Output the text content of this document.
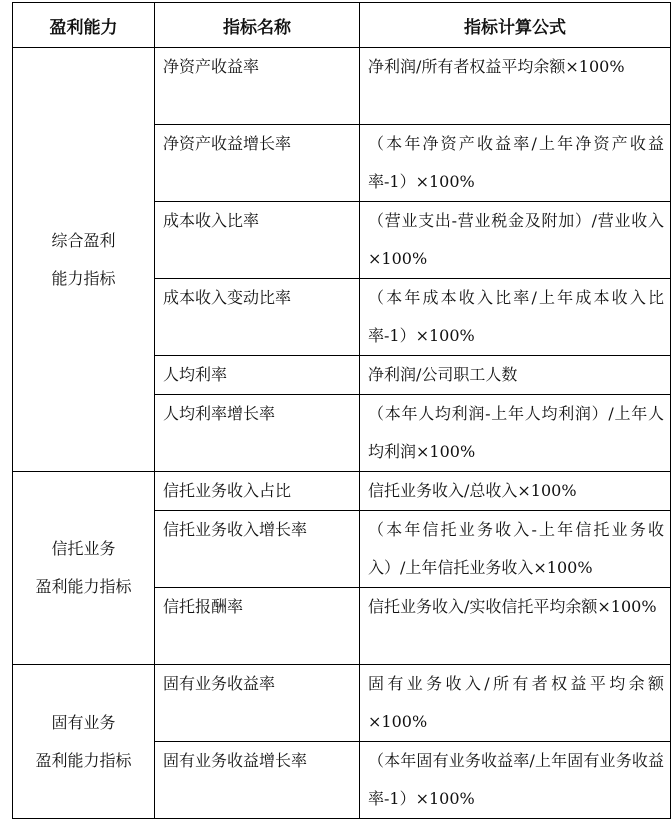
盈利能力	指标名称	指标计算公式

综合盈利
能力指标	净资产收益率	净利润/所有者权益平均余额×100%
	净资产收益增长率	（本年净资产收益率/上年净资产收益率-1）×100%
	成本收入比率	（营业支出-营业税金及附加）/营业收入×100%
	成本收入变动比率	（本年成本收入比率/上年成本收入比率-1）×100%
	人均利率	净利润/公司职工人数
	人均利率增长率	（本年人均利润-上年人均利润）/上年人均利润×100%

信托业务
盈利能力指标	信托业务收入占比	信托业务收入/总收入×100%
	信托业务收入增长率	（本年信托业务收入-上年信托业务收入）/上年信托业务收入×100%
	信托报酬率	信托业务收入/实收信托平均余额×100%

固有业务
盈利能力指标	固有业务收益率	固有业务收入/所有者权益平均余额×100%
	固有业务收益增长率	（本年固有业务收益率/上年固有业务收益率-1）×100%
